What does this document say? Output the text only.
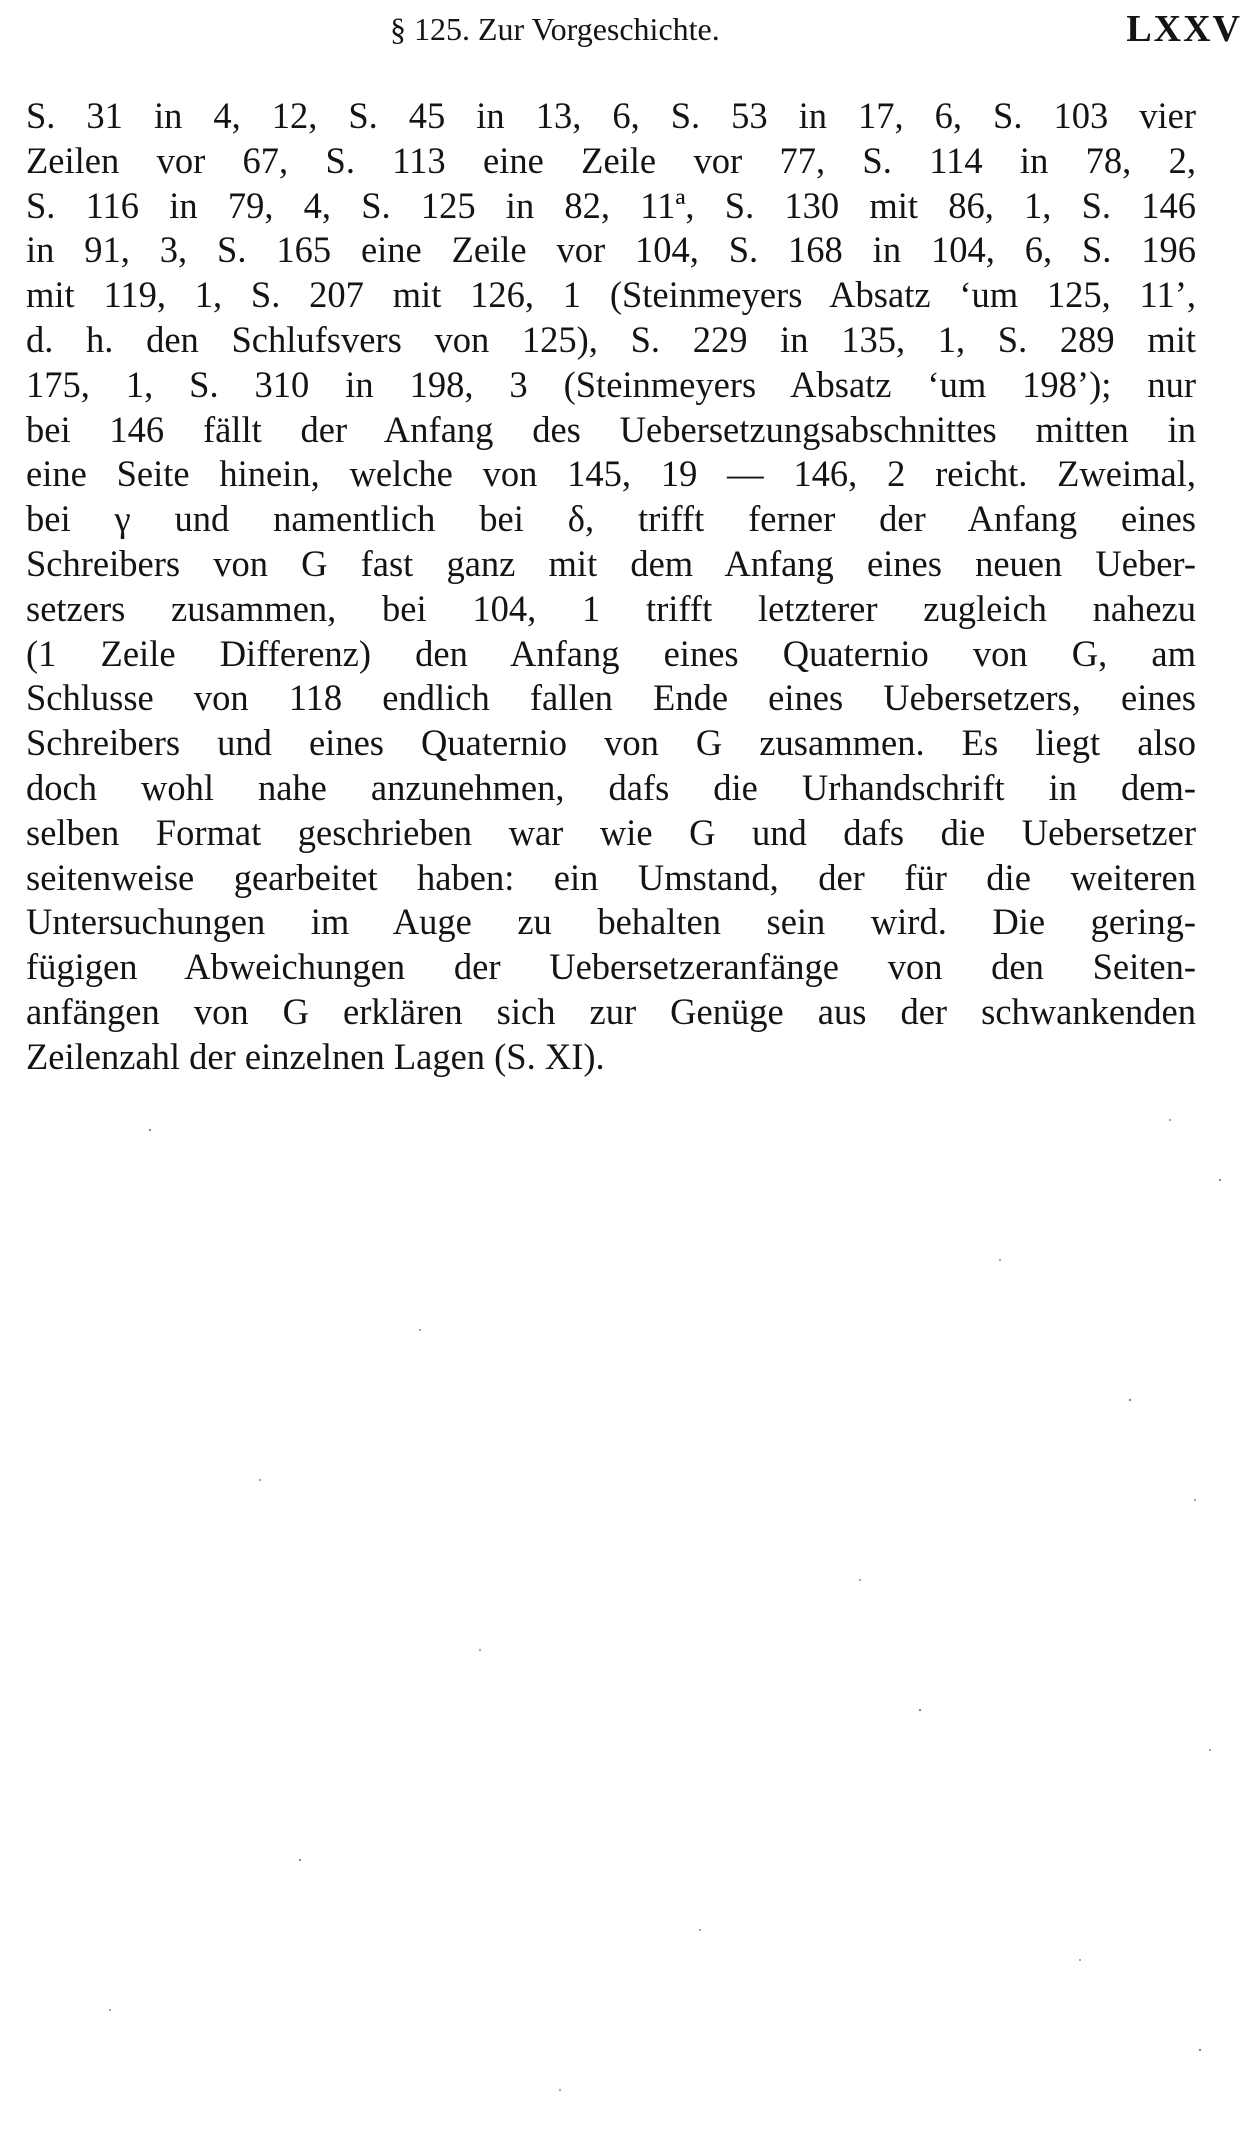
§ 125. Zur Vorgeschichte.	LXXV
S. 31 in 4, 12, S. 45 in 13, 6, S. 53 in 17, 6, S. 103 vier
Zeilen vor 67, S. 113 eine Zeile vor 77, S. 114 in 78, 2,
S. 116 in 79, 4, S. 125 in 82, 11ª, S. 130 mit 86, 1, S. 146
in 91, 3, S. 165 eine Zeile vor 104, S. 168 in 104, 6, S. 196
mit 119, 1, S. 207 mit 126, 1 (Steinmeyers Absatz ‘um 125, 11’,
d. h. den Schlufsvers von 125), S. 229 in 135, 1, S. 289 mit
175, 1, S. 310 in 198, 3 (Steinmeyers Absatz ‘um 198’); nur
bei 146 fällt der Anfang des Uebersetzungsabschnittes mitten in
eine Seite hinein, welche von 145, 19 — 146, 2 reicht. Zweimal,
bei γ und namentlich bei δ, trifft ferner der Anfang eines
Schreibers von G fast ganz mit dem Anfang eines neuen Ueber-
setzers zusammen, bei 104, 1 trifft letzterer zugleich nahezu
(1 Zeile Differenz) den Anfang eines Quaternio von G, am
Schlusse von 118 endlich fallen Ende eines Uebersetzers, eines
Schreibers und eines Quaternio von G zusammen. Es liegt also
doch wohl nahe anzunehmen, dafs die Urhandschrift in dem-
selben Format geschrieben war wie G und dafs die Uebersetzer
seitenweise gearbeitet haben: ein Umstand, der für die weiteren
Untersuchungen im Auge zu behalten sein wird. Die gering-
fügigen Abweichungen der Uebersetzeranfänge von den Seiten-
anfängen von G erklären sich zur Genüge aus der schwankenden
Zeilenzahl der einzelnen Lagen (S. XI).
